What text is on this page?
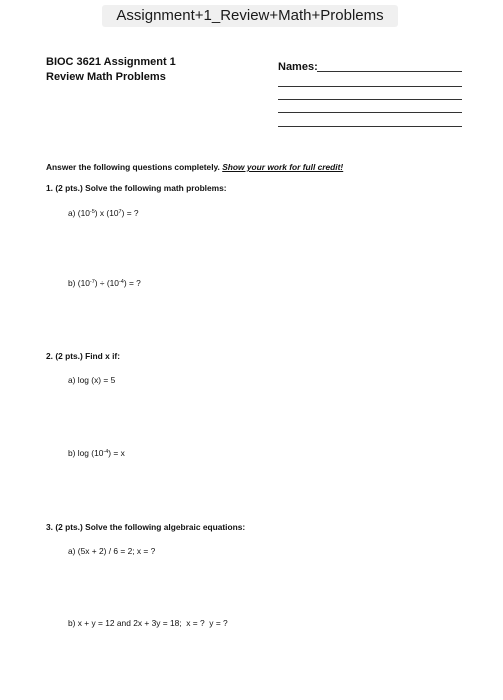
Assignment+1_Review+Math+Problems
BIOC 3621 Assignment 1
Review Math Problems
Names:
Answer the following questions completely. Show your work for full credit!
1. (2 pts.) Solve the following math problems:
a) $(10^{-5})$ x $(10^7)$ = ?
b) $(10^{-7}) \div (10^{-4})$ = ?
2. (2 pts.) Find x if:
a) log (x) = 5
b) $\log (10^{-4}) = x$
3. (2 pts.) Solve the following algebraic equations:
a) (5x + 2) / 6 = 2; x = ?
b) x + y = 12 and 2x + 3y = 18;  x = ?  y = ?
